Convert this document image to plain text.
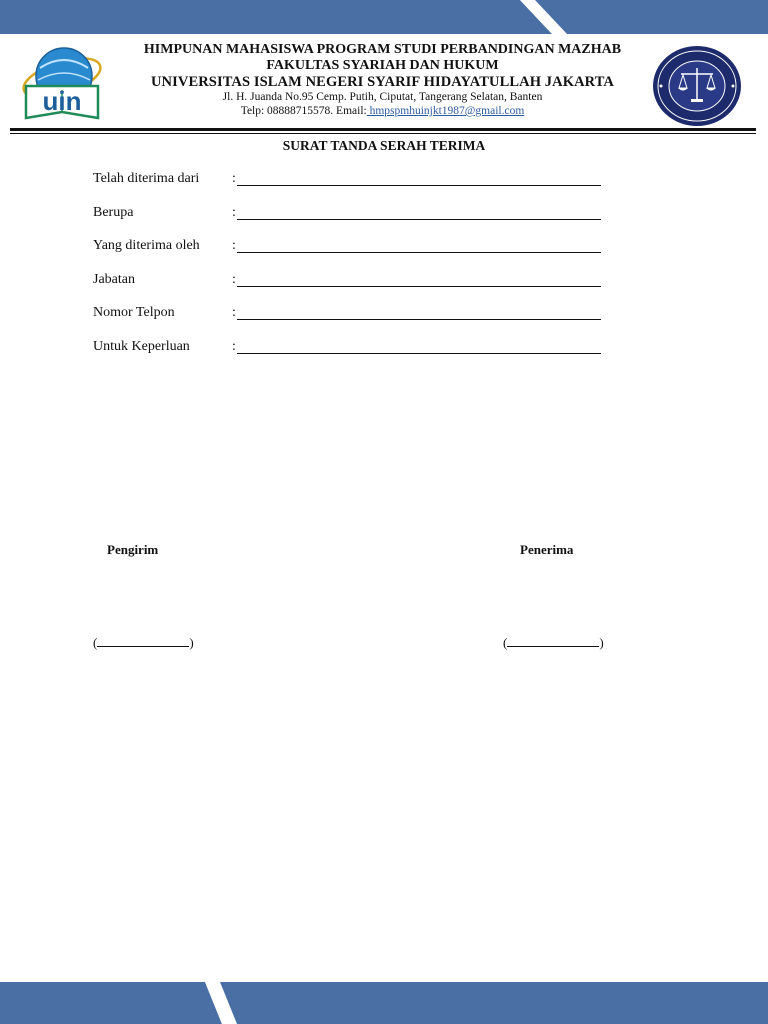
uin
HIMPUNAN MAHASISWA PROGRAM STUDI PERBANDINGAN MAZHAB
FAKULTAS SYARIAH DAN HUKUM
UNIVERSITAS ISLAM NEGERI SYARIF HIDAYATULLAH JAKARTA
Jl. H. Juanda No.95 Cemp. Putih, Ciputat, Tangerang Selatan, Banten
Telp: 08888715578. Email: hmpspmhuinjkt1987@gmail.com
SURAT TANDA SERAH TERIMA
Telah diterima dari :
Berupa	:
Yang diterima oleh :
Jabatan	:
Nomor Telpon	:
Untuk Keperluan	:
Pengirim	Penerima
(	)	(	)
